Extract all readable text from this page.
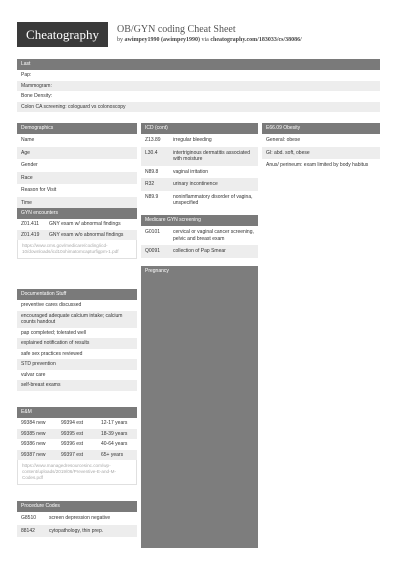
Cheatography	OB/GYN coding Cheat Sheet
by awimpey1990 (awimpey1990) via cheatography.com/183033/cs/38086/
Last
Pap:
Mammogram:
Bone Density:
Colon CA screening: cologuard vs colonoscopy
Demographics
Name
Age
Gender
Race
Reason for Visit
Time
GYN encounters
Z01.411	GNY exam w/ abnormal findings
Z01.419	GNY exam w/o abnormal findings
https://www.cms.gov/medicare/coding/icd-10/downloads/icd10ohimatomcapturfigpm-1.pdf
Documentation Stuff
preventive cares discussed
encouraged adequate calcium intake; calcium counts handout
pap completed; tolerated well
explained notification of results
safe sex practices reviewed
STD prevention
vulvar care
self-breast exams
E&M
99384 new	99394 est	12-17 years
99385 new	99395 est	18-39 years
99386 new	99396 est	40-64 years
99387 new	99397 est	65+ years
https://www.managedresourcesinc.com/wp-content/uploads/2019/06/Preventive-E-and-M-Codes.pdf
Procedure Codes
G8510	screen depression negative
88142	cytopathology, thin prep.
ICD (cont)
Z13.89	irregular bleeding
L30.4	intertriginous dermatitis associated with moisture
N89.8	vaginal irritation
R32	urinary incontinence
N89.9	noninflammatory disorder of vagina, unspecified
Medicare GYN screening
G0101	cervical or vaginal cancer screening, pelvic and breast exam
Q0091	collection of Pap Smear
Pregnancy
E66.09 Obesity
General: obese
GI: abd. soft, obese
Anus/ perineum: exam limited by body habitus
